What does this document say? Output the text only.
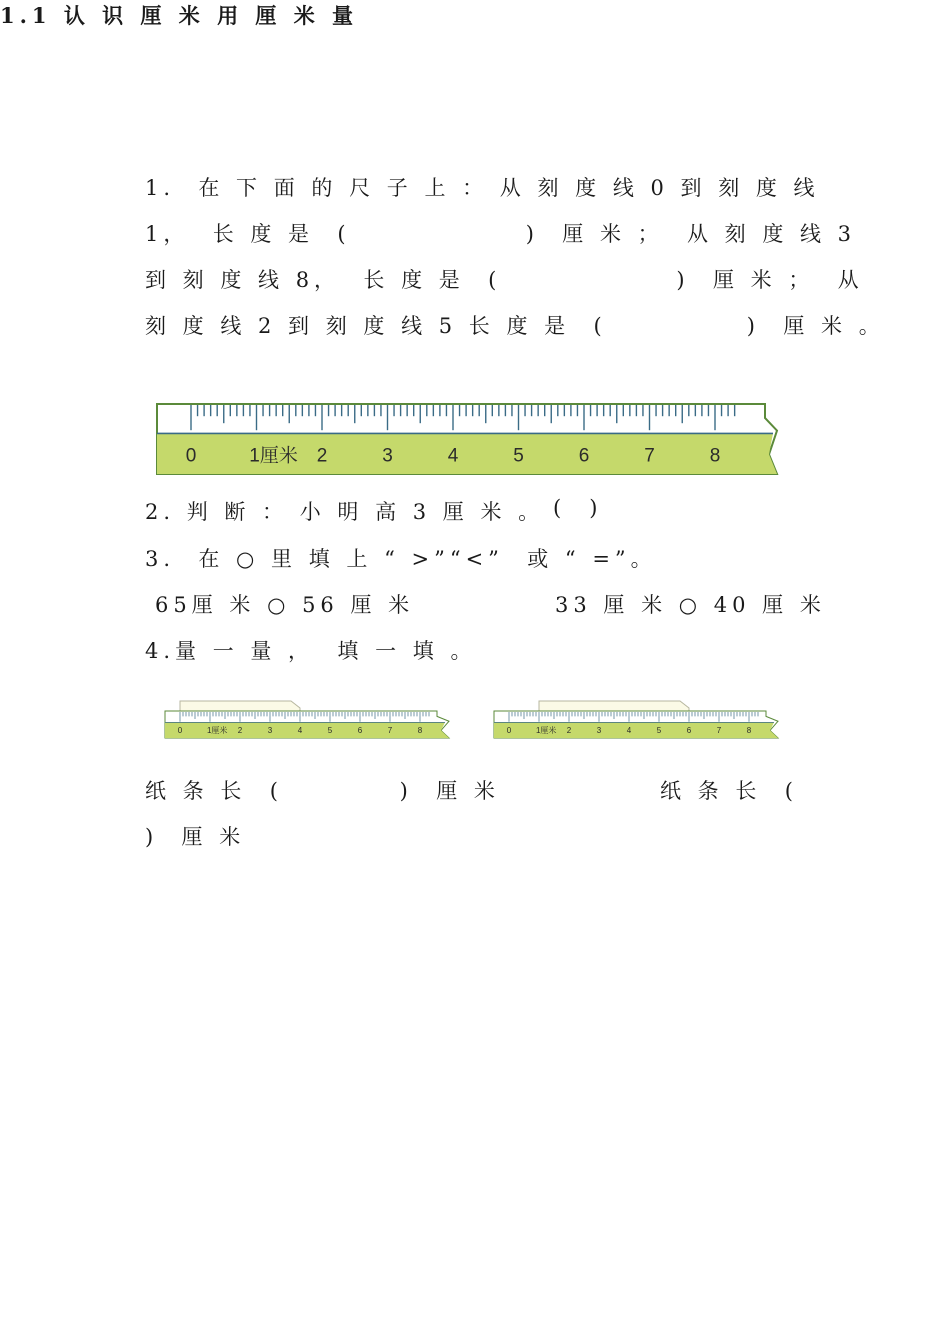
1.1 认 识 厘 米 用 厘 米 量
1.  在 下 面 的 尺 子 上 ： 从 刻 度 线 0 到 刻 度 线
1，  长 度 是  (               )  厘 米 ；  从 刻 度 线 3
到 刻 度 线 8，  长 度 是  (               )  厘 米 ；  从
刻 度 线 2 到 刻 度 线 5 长 度 是  (            )  厘 米 。
0	1厘米 2	3	4	5	6	7	8
2. 判 断 ： 小 明 高 3 厘 米 。 (   )
3.  在 ○ 里 填 上 “ >”“<”  或 “ =”。
65厘 米 ○ 56 厘 米	33 厘 米 ○ 40 厘 米
4.量 一 量 ，  填 一 填 。
0	1厘米 2	3	4	5	6	7	8	0	1厘米 2	3	4	5	6	7	8
纸 条 长  (          )  厘 米	纸 条 长  (
)  厘 米
